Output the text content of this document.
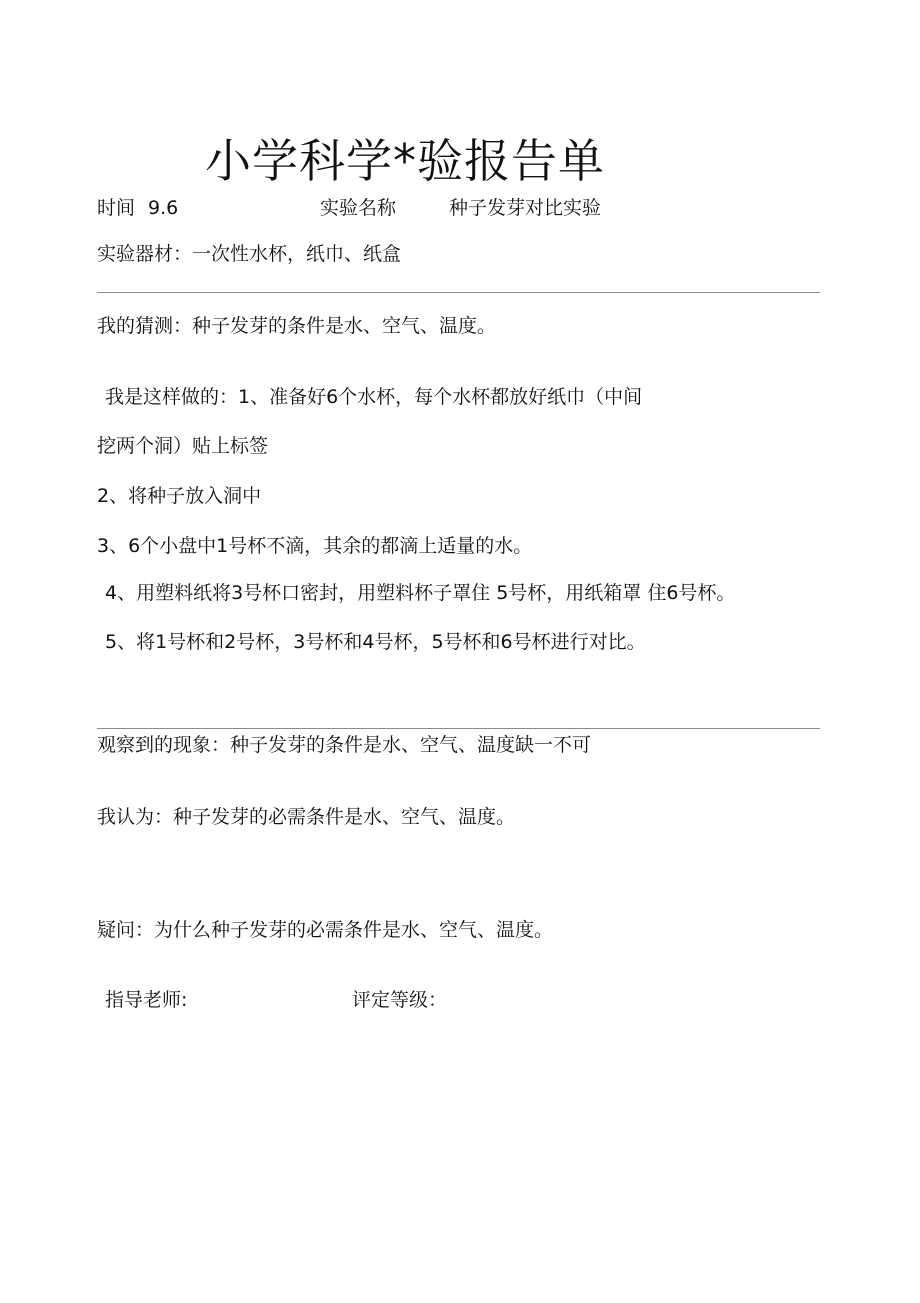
小学科学*验报告单
时间 9.6	实验名称	种子发芽对比实验
实验器材：一次性水杯，纸巾、纸盒
我的猜测：种子发芽的条件是水、空气、温度。
我是这样做的：1、准备好6个水杯，每个水杯都放好纸巾（中间
挖两个洞）贴上标签
2、将种子放入洞中
3、6个小盘中1号杯不滴，其余的都滴上适量的水。
4、用塑料纸将3号杯口密封，用塑料杯子罩住 5号杯，用纸箱罩 住6号杯。
5、将1号杯和2号杯，3号杯和4号杯，5号杯和6号杯进行对比。
观察到的现象：种子发芽的条件是水、空气、温度缺一不可
我认为：种子发芽的必需条件是水、空气、温度。
疑问：为什么种子发芽的必需条件是水、空气、温度。
指导老师:	评定等级：
